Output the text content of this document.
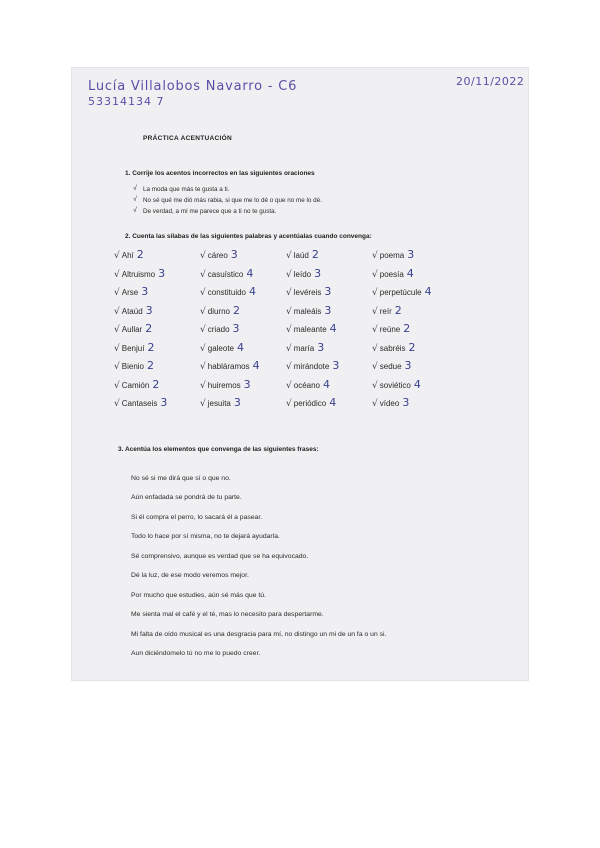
Lucía Villalobos Navarro - C6
53314134 7
20/11/2022
PRÁCTICA ACENTUACIÓN
1. Corrije los acentos incorrectos en las siguientes oraciones
√ La moda que más te gusta a ti.
√ No sé qué me dió más rabia, si que me lo dé o que no me lo dé.
√ De verdad, a mí me parece que a ti no te gusta.
2. Cuenta las sílabas de las siguientes palabras y acentúalas cuando convenga:
√ Ahí 2
√ Altruismo 3
√ Arse 3
√ Ataúd 3
√ Aullar 2
√ Benjuí 2
√ Bienio 2
√ Camión 2
√ Cantaseis 3
√ cáreo 3
√ casuístico 4
√ constituido 4
√ diurno 2
√ criado 3
√ galeote 4
√ habláramos 4
√ huiremos 3
√ jesuita 3
√ laúd 2
√ leído 3
√ levéreis 3
√ maleáis 3
√ maleante 4
√ maría 3
√ mirándote 3
√ océano 4
√ periódico 4
√ poema 3
√ poesía 4
√ perpetúcule 4
√ reír 2
√ reúne 2
√ sabréis 2
√ sedue 3
√ soviético 4
√ vídeo 3
3. Acentúa los elementos que convenga de las siguientes frases:
No sé si me dirá que sí o que no.
Aún enfadada se pondrá de tu parte.
Si él compra el perro, lo sacará él a pasear.
Todo lo hace por sí misma, no te dejará ayudarla.
Sé comprensivo, aunque es verdad que se ha equivocado.
Dé la luz, de ese modo veremos mejor.
Por mucho que estudies, aún sé más que tú.
Me sienta mal el café y el té, mas lo necesito para despertarme.
Mi falta de oído musical es una desgracia para mí, no distingo un mi de un fa o un si.
Aun diciéndomelo tú no me lo puedo creer.
